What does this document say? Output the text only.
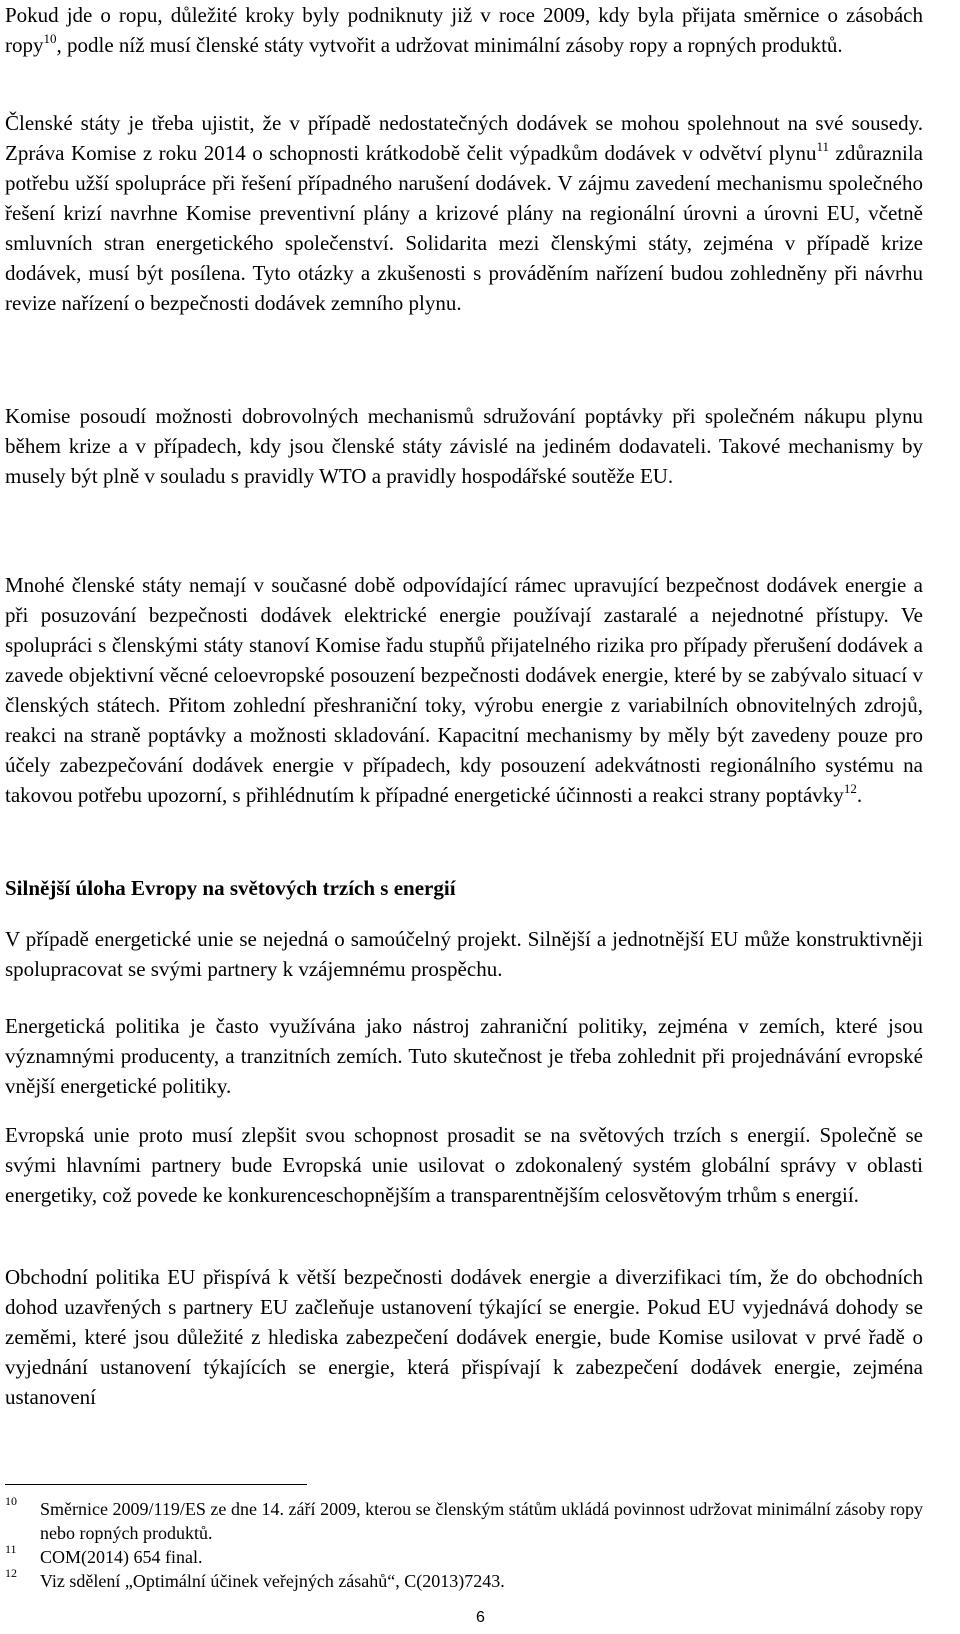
Pokud jde o ropu, důležité kroky byly podniknuty již v roce 2009, kdy byla přijata směrnice o zásobách ropy$^{10}$, podle níž musí členské státy vytvořit a udržovat minimální zásoby ropy a ropných produktů.

Členské státy je třeba ujistit, že v případě nedostatečných dodávek se mohou spolehnout na své sousedy. Zpráva Komise z roku 2014 o schopnosti krátkodobě čelit výpadkům dodávek v odvětví plynu$^{11}$ zdůraznila potřebu užší spolupráce při řešení případného narušení dodávek. V zájmu zavedení mechanismu společného řešení krizí navrhne Komise preventivní plány a krizové plány na regionální úrovni a úrovni EU, včetně smluvních stran energetického společenství. Solidarita mezi členskými státy, zejména v případě krize dodávek, musí být posílena. Tyto otázky a zkušenosti s prováděním nařízení budou zohledněny při návrhu revize nařízení o bezpečnosti dodávek zemního plynu.

Komise posoudí možnosti dobrovolných mechanismů sdružování poptávky při společném nákupu plynu během krize a v případech, kdy jsou členské státy závislé na jediném dodavateli. Takové mechanismy by musely být plně v souladu s pravidly WTO a pravidly hospodářské soutěže EU.

Mnohé členské státy nemají v současné době odpovídající rámec upravující bezpečnost dodávek energie a při posuzování bezpečnosti dodávek elektrické energie používají zastaralé a nejednotné přístupy. Ve spolupráci s členskými státy stanoví Komise řadu stupňů přijatelného rizika pro případy přerušení dodávek a zavede objektivní věcné celoevropské posouzení bezpečnosti dodávek energie, které by se zabývalo situací v členských státech. Přitom zohlední přeshraniční toky, výrobu energie z variabilních obnovitelných zdrojů, reakci na straně poptávky a možnosti skladování. Kapacitní mechanismy by měly být zavedeny pouze pro účely zabezpečování dodávek energie v případech, kdy posouzení adekvátnosti regionálního systému na takovou potřebu upozorní, s přihlédnutím k případné energetické účinnosti a reakci strany poptávky$^{12}$.

Silnější úloha Evropy na světových trzích s energií

V případě energetické unie se nejedná o samoúčelný projekt. Silnější a jednotnější EU může konstruktivněji spolupracovat se svými partnery k vzájemnému prospěchu.

Energetická politika je často využívána jako nástroj zahraniční politiky, zejména v zemích, které jsou významnými producenty, a tranzitních zemích. Tuto skutečnost je třeba zohlednit při projednávání evropské vnější energetické politiky.

Evropská unie proto musí zlepšit svou schopnost prosadit se na světových trzích s energií. Společně se svými hlavními partnery bude Evropská unie usilovat o zdokonalený systém globální správy v oblasti energetiky, což povede ke konkurenceschopnějším a transparentnějším celosvětovým trhům s energií.

Obchodní politika EU přispívá k větší bezpečnosti dodávek energie a diverzifikaci tím, že do obchodních dohod uzavřených s partnery EU začleňuje ustanovení týkající se energie. Pokud EU vyjednává dohody se zeměmi, které jsou důležité z hlediska zabezpečení dodávek energie, bude Komise usilovat v prvé řadě o vyjednání ustanovení týkajících se energie, která přispívají k zabezpečení dodávek energie, zejména ustanovení

10 Směrnice 2009/119/ES ze dne 14. září 2009, kterou se členským státům ukládá povinnost udržovat minimální zásoby ropy nebo ropných produktů.
11 COM(2014) 654 final.
12 Viz sdělení „Optimální účinek veřejných zásahů“, C(2013)7243.
6
